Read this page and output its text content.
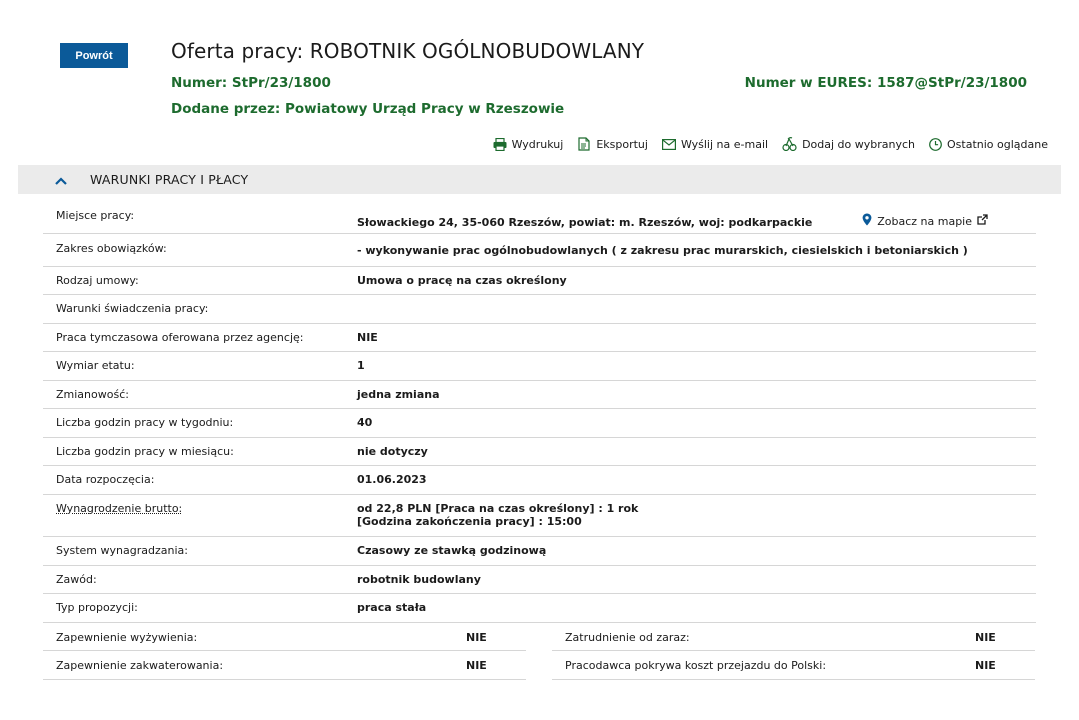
Powrót	Oferta pracy: ROBOTNIK OGÓLNOBUDOWLANY
Numer: StPr/23/1800
Dodane przez: Powiatowy Urząd Pracy w Rzeszowie
Numer w EURES: 1587@StPr/23/1800
Wydrukuj	Eksportuj	Wyślij na e-mail	Dodaj do wybranych	Ostatnio oglądane
WARUNKI PRACY I PŁACY
Miejsce pracy:
Słowackiego 24, 35-060 Rzeszów, powiat: m. Rzeszów, woj: podkarpackie	Zobacz na mapie
Zakres obowiązków:	- wykonywanie prac ogólnobudowlanych ( z zakresu prac murarskich, ciesielskich i betoniarskich )
Rodzaj umowy:	Umowa o pracę na czas określony
Warunki świadczenia pracy:
Praca tymczasowa oferowana przez agencję:	NIE
Wymiar etatu:	1
Zmianowość:	jedna zmiana
Liczba godzin pracy w tygodniu:	40
Liczba godzin pracy w miesiącu:	nie dotyczy
Data rozpoczęcia:	01.06.2023
Wynagrodzenie brutto:	od 22,8 PLN [Praca na czas określony] : 1 rok
[Godzina zakończenia pracy] : 15:00
System wynagradzania:	Czasowy ze stawką godzinową
Zawód:	robotnik budowlany
Typ propozycji:	praca stała
Zapewnienie wyżywienia:	NIE	Zatrudnienie od zaraz:	NIE
Zapewnienie zakwaterowania:	NIE	Pracodawca pokrywa koszt przejazdu do Polski:	NIE
